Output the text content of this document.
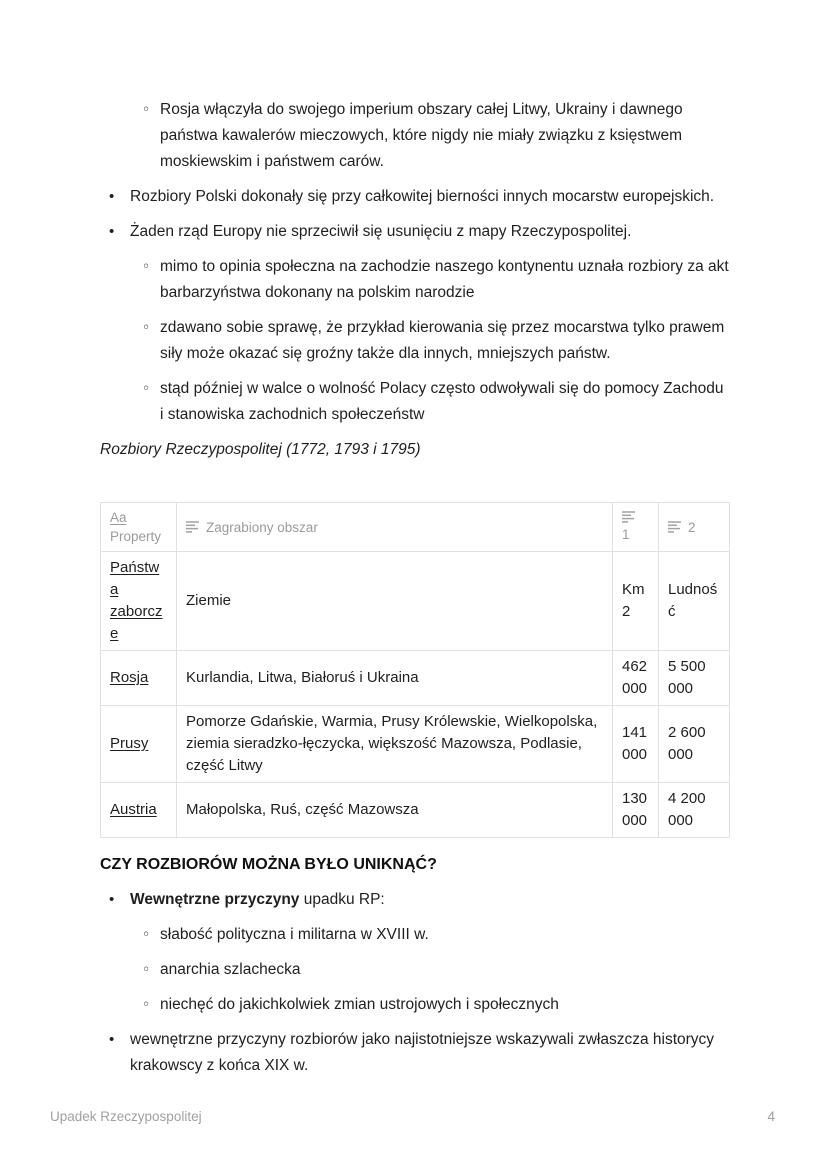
◦
Rosja włączyła do swojego imperium obszary całej Litwy, Ukrainy i dawnego państwa kawalerów mieczowych, które nigdy nie miały związku z księstwem moskiewskim i państwem carów.
•
Rozbiory Polski dokonały się przy całkowitej bierności innych mocarstw europejskich.
•
Żaden rząd Europy nie sprzeciwił się usunięciu z mapy Rzeczypospolitej.
◦
mimo to opinia społeczna na zachodzie naszego kontynentu uznała rozbiory za akt barbarzyństwa dokonany na polskim narodzie
◦
zdawano sobie sprawę, że przykład kierowania się przez mocarstwa tylko prawem siły może okazać się groźny także dla innych, mniejszych państw.
◦
stąd później w walce o wolność Polacy często odwoływali się do pomocy Zachodu i stanowiska zachodnich społeczeństw

Rozbiory Rzeczypospolitej (1772, 1793 i 1795)

Aa
Property	Zagrabiony obszar	1	2

Państwa zaborcze	Ziemie	Km2	Ludność
Rosja	Kurlandia, Litwa, Białoruś i Ukraina	462 000	5 500 000
Prusy	Pomorze Gdańskie, Warmia, Prusy Królewskie, Wielkopolska, ziemia sieradzko-łęczycka, większość Mazowsza, Podlasie, część Litwy	141 000	2 600 000
Austria	Małopolska, Ruś, część Mazowsza	130 000	4 200 000
CZY ROZBIORÓW MOŻNA BYŁO UNIKNĄĆ?
•
Wewnętrzne przyczyny upadku RP:
◦
słabość polityczna i militarna w XVIII w.
◦
anarchia szlachecka
◦
niechęć do jakichkolwiek zmian ustrojowych i społecznych
•
wewnętrzne przyczyny rozbiorów jako najistotniejsze wskazywali zwłaszcza historycy krakowscy z końca XIX w.
Upadek Rzeczypospolitej	4
